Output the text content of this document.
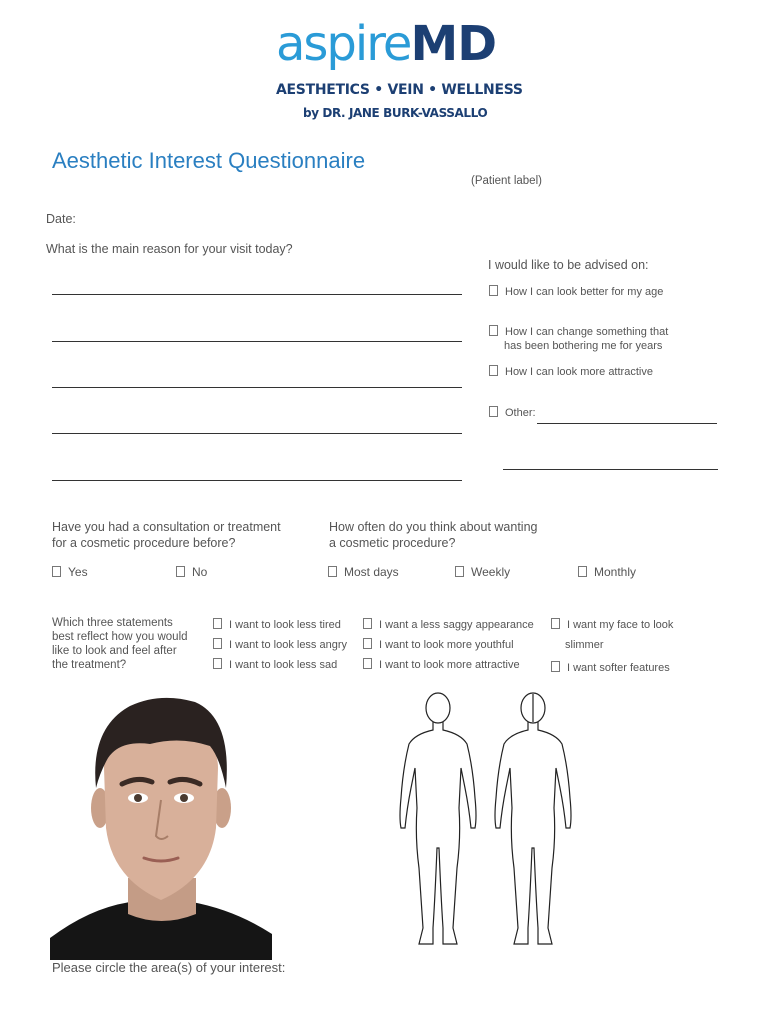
aspireMD
AESTHETICS • VEIN • WELLNESS
by DR. JANE BURK-VASSALLO
Aesthetic Interest Questionnaire
(Patient label)
Date:
What is the main reason for your visit today?
I would like to be advised on:
How I can look better for my age
How I can change something that
has been bothering me for years
How I can look more attractive
Other:
Have you had a consultation or treatment
for a cosmetic procedure before?
Yes	No
How often do you think about wanting
a cosmetic procedure?
Most days	Weekly	Monthly
Which three statements
best reflect how you would
like to look and feel after
the treatment?
I want to look less tired
I want to look less angry
I want to look less sad
I want a less saggy appearance
I want to look more youthful
I want to look more attractive
I want my face to look
slimmer
I want softer features
Please circle the area(s) of your interest:
